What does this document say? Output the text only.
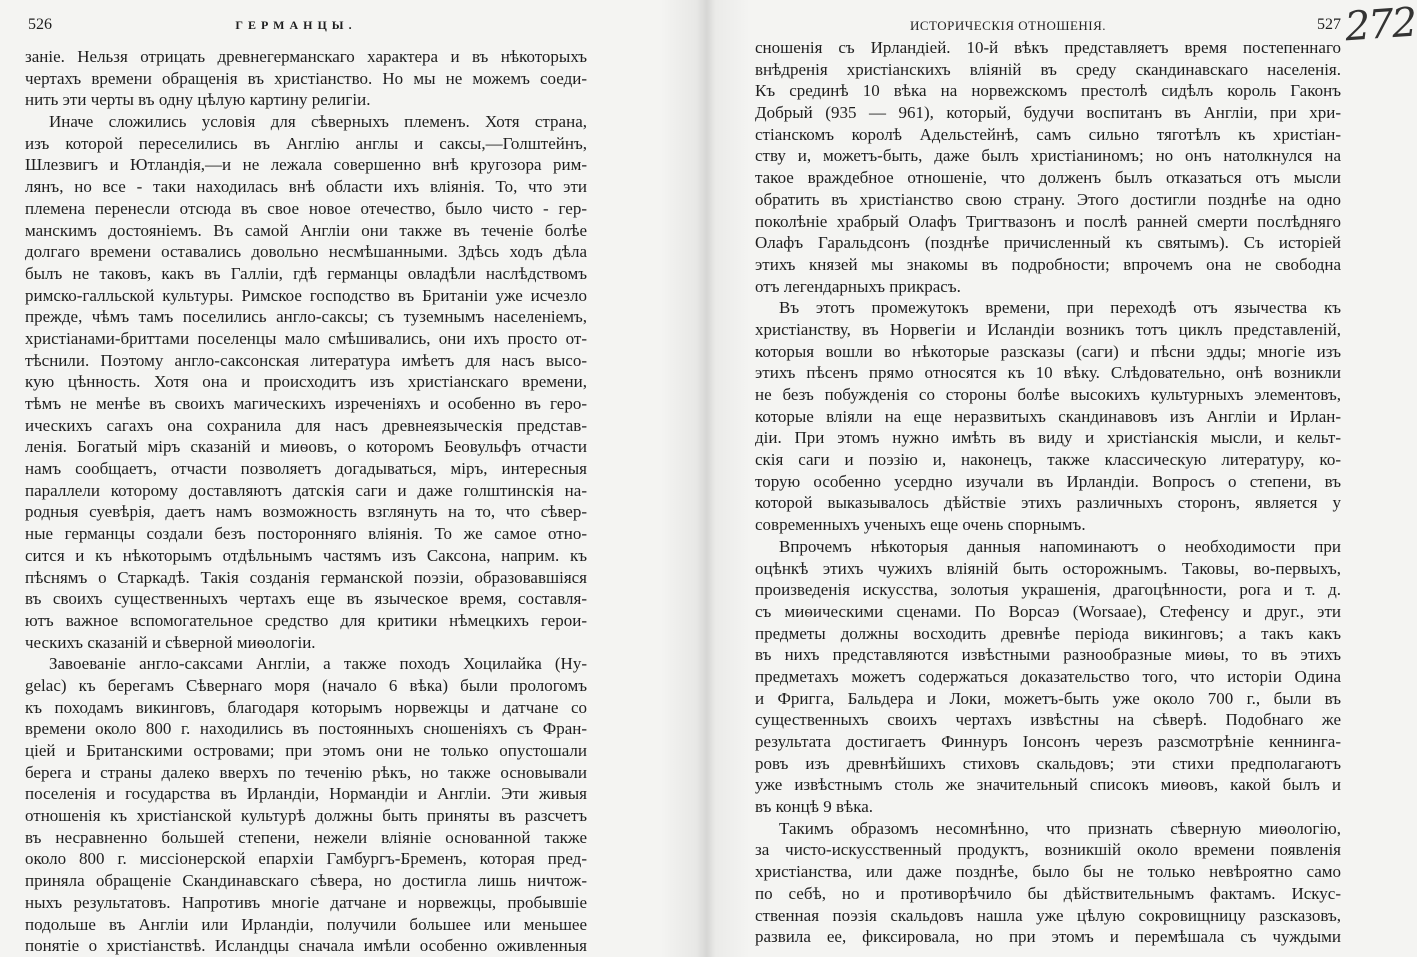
526	ГЕРМАНЦЫ.
заніе. Нельзя отрицать древнегерманскаго характера и въ нѣкоторыхъ
чертахъ времени обращенія въ христіанство. Но мы не можемъ соеди-
нить эти черты въ одну цѣлую картину религіи.
Иначе сложились условія для сѣверныхъ племенъ. Хотя страна,
изъ которой переселились въ Англію англы и саксы,—Голштейнъ,
Шлезвигъ и Ютландія,—и не лежала совершенно внѣ кругозора рим-
лянъ, но все - таки находилась внѣ области ихъ вліянія. То, что эти
племена перенесли отсюда въ свое новое отечество, было чисто - гер-
манскимъ достояніемъ. Въ самой Англіи они также въ теченіе болѣе
долгаго времени оставались довольно несмѣшанными. Здѣсь ходъ дѣла
былъ не таковъ, какъ въ Галліи, гдѣ германцы овладѣли наслѣдствомъ
римско-галльской культуры. Римское господство въ Британіи уже исчезло
прежде, чѣмъ тамъ поселились англо-саксы; съ туземнымъ населеніемъ,
христіанами-бриттами поселенцы мало смѣшивались, они ихъ просто от-
тѣснили. Поэтому англо-саксонская литература имѣетъ для насъ высо-
кую цѣнность. Хотя она и происходитъ изъ христіанскаго времени,
тѣмъ не менѣе въ своихъ магическихъ изреченіяхъ и особенно въ геро-
ическихъ сагахъ она сохранила для насъ древнеязыческія представ-
ленія. Богатый міръ сказаній и миѳовъ, о которомъ Беовульфъ отчасти
намъ сообщаетъ, отчасти позволяетъ догадываться, міръ, интересныя
параллели которому доставляютъ датскія саги и даже голштинскія на-
родныя суевѣрія, даетъ намъ возможность взглянуть на то, что сѣвер-
ные германцы создали безъ посторонняго вліянія. То же самое отно-
сится и къ нѣкоторымъ отдѣльнымъ частямъ изъ Саксона, наприм. къ
пѣснямъ о Старкадѣ. Такія созданія германской поэзіи, образовавшіяся
въ своихъ существенныхъ чертахъ еще въ языческое время, составля-
ютъ важное вспомогательное средство для критики нѣмецкихъ герои-
ческихъ сказаній и сѣверной миѳологіи.
Завоеваніе англо-саксами Англіи, а также походъ Хоцилайка (Hy-
gelac) къ берегамъ Сѣвернаго моря (начало 6 вѣка) были прологомъ
къ походамъ викинговъ, благодаря которымъ норвежцы и датчане со
времени около 800 г. находились въ постоянныхъ сношеніяхъ съ Фран-
ціей и Британскими островами; при этомъ они не только опустошали
берега и страны далеко вверхъ по теченію рѣкъ, но также основывали
поселенія и государства въ Ирландіи, Нормандіи и Англіи. Эти живыя
отношенія къ христіанской культурѣ должны быть приняты въ разсчетъ
въ несравненно большей степени, нежели вліяніе основанной также
около 800 г. миссіонерской епархіи Гамбургъ-Бременъ, которая пред-
приняла обращеніе Скандинавскаго сѣвера, но достигла лишь ничтож-
ныхъ результатовъ. Напротивъ многіе датчане и норвежцы, пробывшіе
подольше въ Англіи или Ирландіи, получили большее или меньшее
понятіе о христіанствѣ. Исландцы сначала имѣли особенно оживленныя
ИСТОРИЧЕСКІЯ ОТНОШЕНІЯ.	527
сношенія съ Ирландіей. 10-й вѣкъ представляетъ время постепеннаго
внѣдренія христіанскихъ вліяній въ среду скандинавскаго населенія.
Къ срединѣ 10 вѣка на норвежскомъ престолѣ сидѣлъ король Гаконъ
Добрый (935 — 961), который, будучи воспитанъ въ Англіи, при хри-
стіанскомъ королѣ Адельстейнѣ, самъ сильно тяготѣлъ къ христіан-
ству и, можетъ-быть, даже былъ христіаниномъ; но онъ натолкнулся на
такое враждебное отношеніе, что долженъ былъ отказаться отъ мысли
обратить въ христіанство свою страну. Этого достигли позднѣе на одно
поколѣніе храбрый Олафъ Тригтвазонъ и послѣ ранней смерти послѣдняго
Олафъ Гаральдсонъ (позднѣе причисленный къ святымъ). Съ исторіей
этихъ князей мы знакомы въ подробности; впрочемъ она не свободна
отъ легендарныхъ прикрасъ.
Въ этотъ промежутокъ времени, при переходѣ отъ язычества къ
христіанству, въ Норвегіи и Исландіи возникъ тотъ циклъ представленій,
которыя вошли во нѣкоторые разсказы (саги) и пѣсни эдды; многіе изъ
этихъ пѣсенъ прямо относятся къ 10 вѣку. Слѣдовательно, онѣ возникли
не безъ побужденія со стороны болѣе высокихъ культурныхъ элементовъ,
которые вліяли на еще неразвитыхъ скандинавовъ изъ Англіи и Ирлан-
діи. При этомъ нужно имѣть въ виду и христіанскія мысли, и кельт-
скія саги и поэзію и, наконецъ, также классическую литературу, ко-
торую особенно усердно изучали въ Ирландіи. Вопросъ о степени, въ
которой выказывалось дѣйствіе этихъ различныхъ сторонъ, является у
современныхъ ученыхъ еще очень спорнымъ.
Впрочемъ нѣкоторыя данныя напоминаютъ о необходимости при
оцѣнкѣ этихъ чужихъ вліяній быть осторожнымъ. Таковы, во-первыхъ,
произведенія искусства, золотыя украшенія, драгоцѣнности, рога и т. д.
съ миѳическими сценами. По Ворсаэ (Worsaae), Стефенсу и друг., эти
предметы должны восходить древнѣе періода викинговъ; а такъ какъ
въ нихъ представляются извѣстными разнообразные миѳы, то въ этихъ
предметахъ можетъ содержаться доказательство того, что исторіи Одина
и Фригга, Бальдера и Локи, можетъ-быть уже около 700 г., были въ
существенныхъ своихъ чертахъ извѣстны на сѣверѣ. Подобнаго же
результата достигаетъ Финнуръ Іонсонъ черезъ разсмотрѣніе кеннинга-
ровъ изъ древнѣйшихъ стиховъ скальдовъ; эти стихи предполагаютъ
уже извѣстнымъ столь же значительный списокъ миѳовъ, какой былъ и
въ концѣ 9 вѣка.
Такимъ образомъ несомнѣнно, что признать сѣверную миѳологію,
за чисто-искусственный продуктъ, возникшій около времени появленія
христіанства, или даже позднѣе, было бы не только невѣроятно само
по себѣ, но и противорѣчило бы дѣйствительнымъ фактамъ. Искус-
ственная поэзія скальдовъ нашла уже цѣлую сокровищницу разсказовъ,
развила ее, фиксировала, но при этомъ и перемѣшала съ чуждыми
272
